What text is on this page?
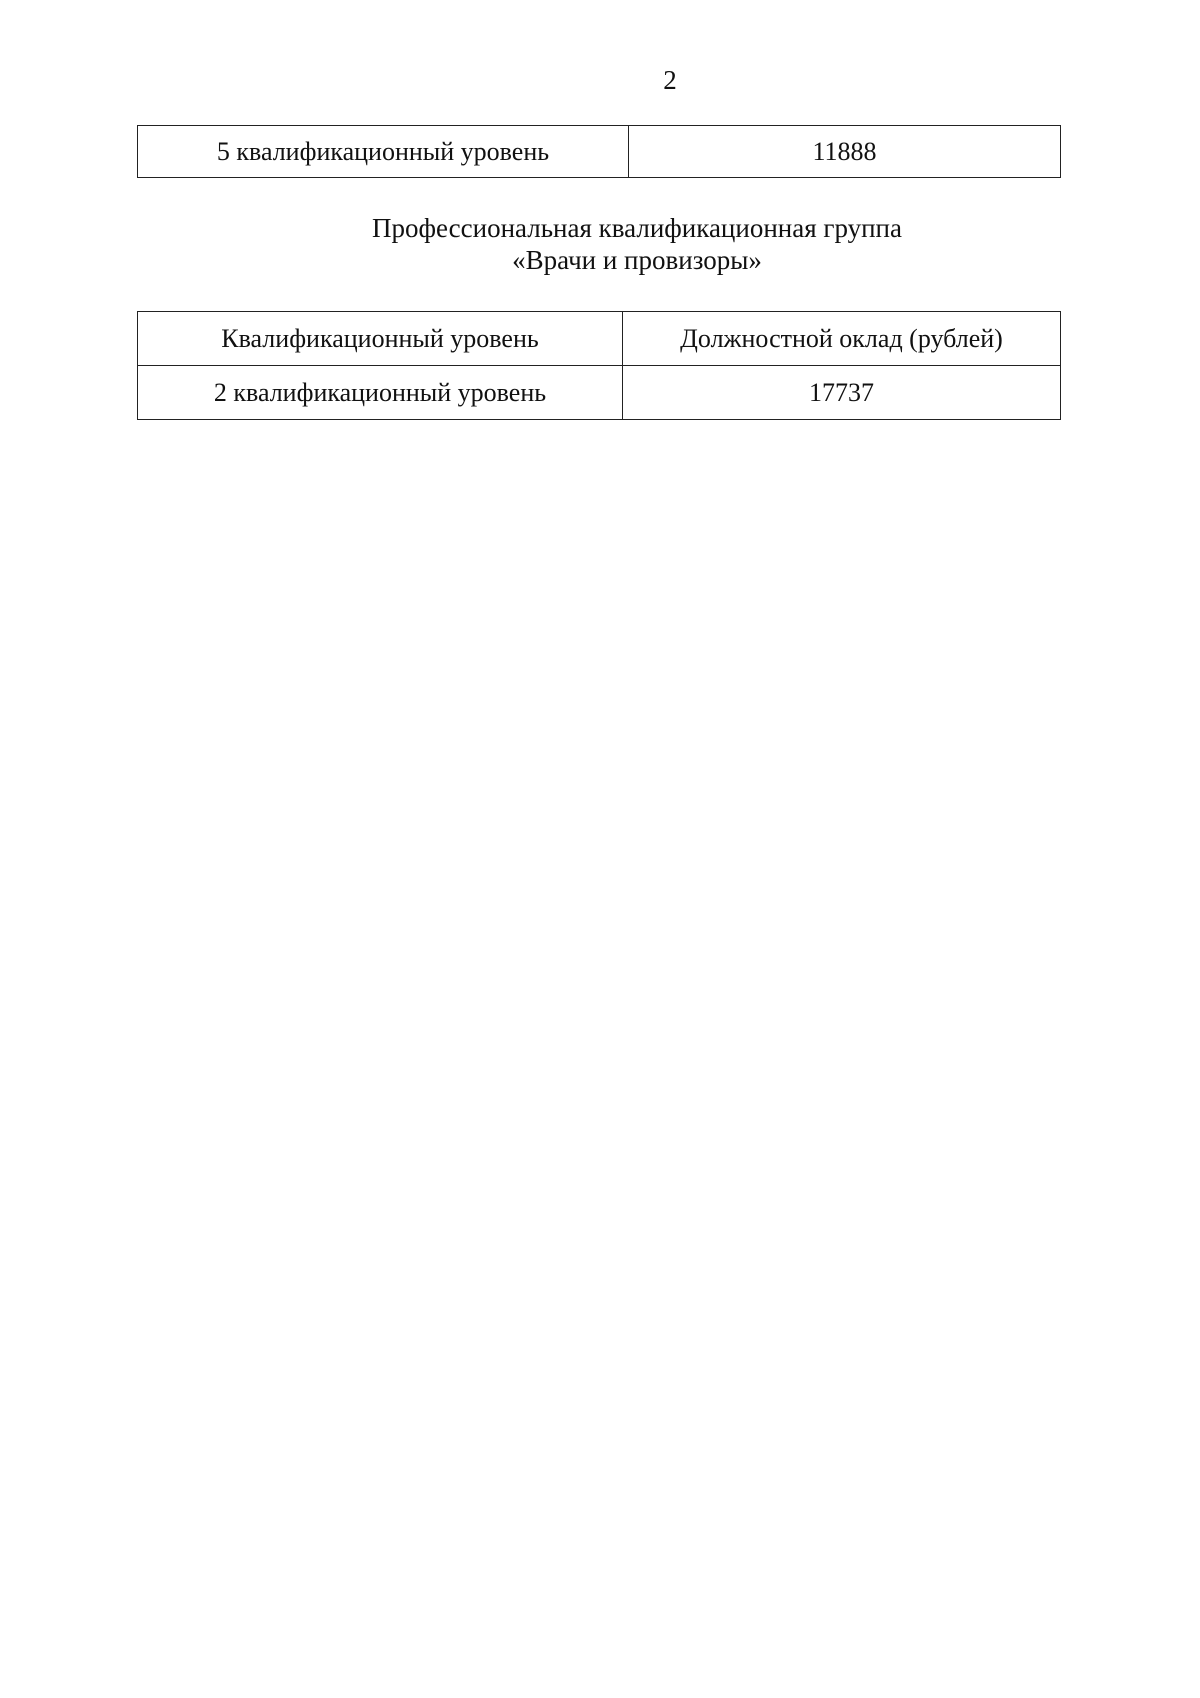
2
5 квалификационный уровень	11888
Профессиональная квалификационная группа
«Врачи и провизоры»
Квалификационный уровень	Должностной оклад (рублей)
2 квалификационный уровень	17737
